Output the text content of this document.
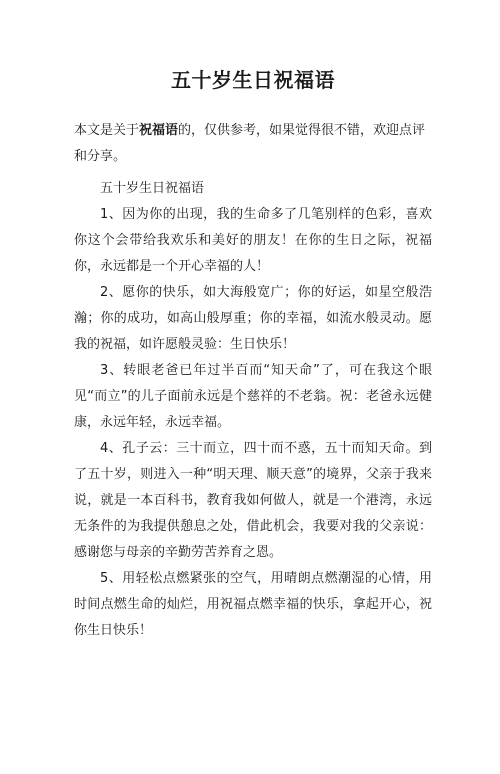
五十岁生日祝福语

本文是关于祝福语的，仅供参考，如果觉得很不错，欢迎点评和分享。

五十岁生日祝福语

1、因为你的出现，我的生命多了几笔别样的色彩，喜欢你这个会带给我欢乐和美好的朋友！在你的生日之际，祝福你，永远都是一个开心幸福的人！

2、愿你的快乐，如大海般宽广；你的好运，如星空般浩瀚；你的成功，如高山般厚重；你的幸福，如流水般灵动。愿我的祝福，如许愿般灵验：生日快乐！

3、转眼老爸已年过半百而“知天命”了，可在我这个眼见“而立”的儿子面前永远是个慈祥的不老翁。祝：老爸永远健康，永远年轻，永远幸福。

4、孔子云：三十而立，四十而不惑，五十而知天命。到了五十岁，则进入一种“明天理、顺天意”的境界，父亲于我来说，就是一本百科书，教育我如何做人，就是一个港湾，永远无条件的为我提供憩息之处，借此机会，我要对我的父亲说：感谢您与母亲的辛勤劳苦养育之恩。

5、用轻松点燃紧张的空气，用晴朗点燃潮湿的心情，用时间点燃生命的灿烂，用祝福点燃幸福的快乐，拿起开心，祝你生日快乐！
